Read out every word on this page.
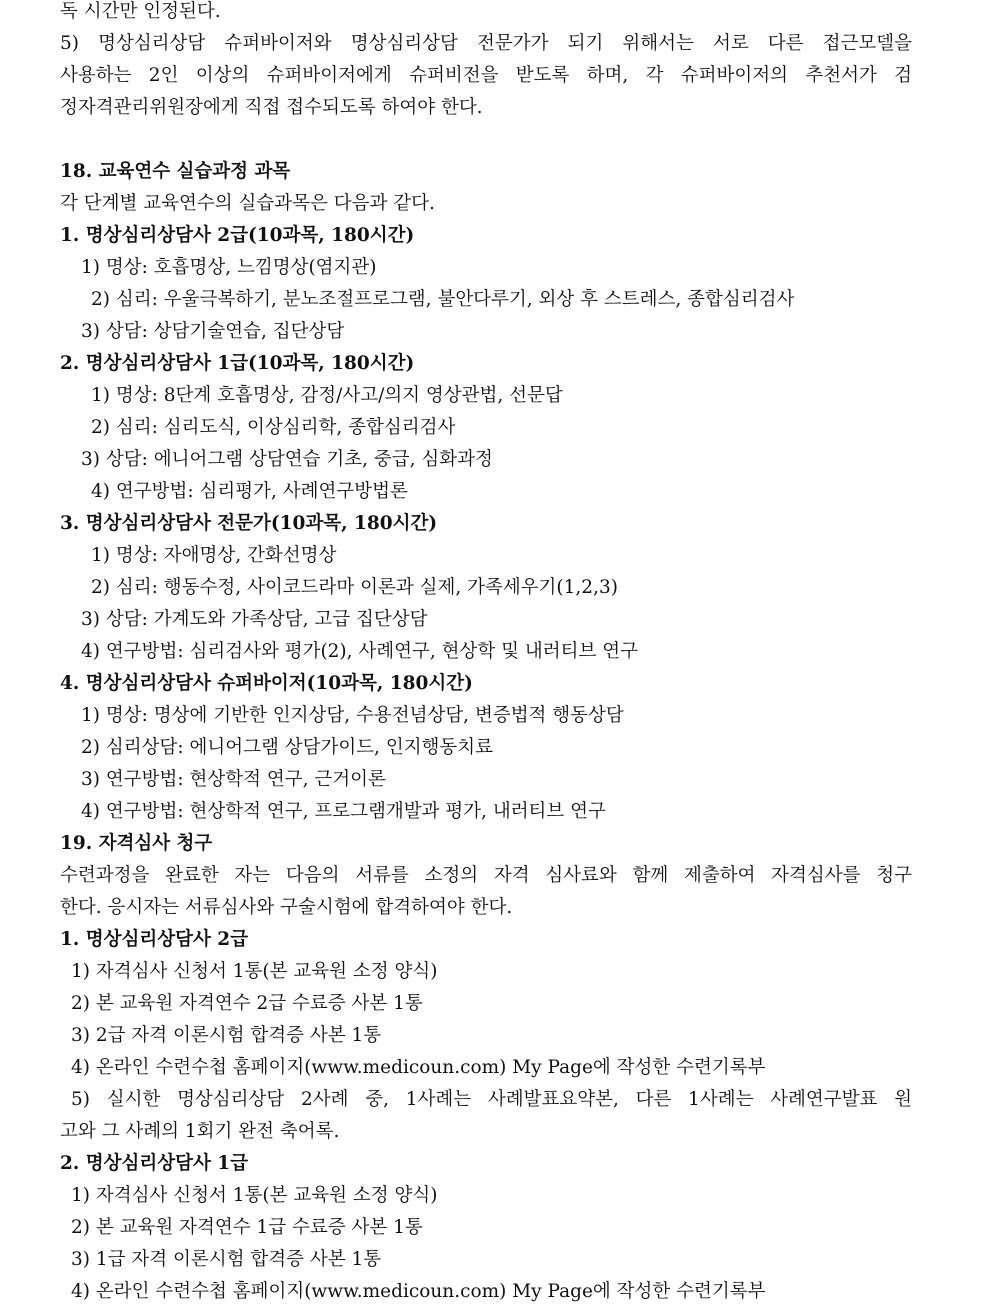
독 시간만 인정된다.
5) 명상심리상담 슈퍼바이저와 명상심리상담 전문가가 되기 위해서는 서로 다른 접근모델을
사용하는 2인 이상의 슈퍼바이저에게 슈퍼비전을 받도록 하며, 각 슈퍼바이저의 추천서가 검
정자격관리위원장에게 직접 접수되도록 하여야 한다.
18. 교육연수 실습과정 과목
각 단계별 교육연수의 실습과목은 다음과 같다.
1. 명상심리상담사 2급(10과목, 180시간)
1) 명상: 호흡명상, 느낌명상(염지관)
2) 심리: 우울극복하기, 분노조절프로그램, 불안다루기, 외상 후 스트레스, 종합심리검사
3) 상담: 상담기술연습, 집단상담
2. 명상심리상담사 1급(10과목, 180시간)
1) 명상: 8단계 호흡명상, 감정/사고/의지 영상관법, 선문답
2) 심리: 심리도식, 이상심리학, 종합심리검사
3) 상담: 에니어그램 상담연습 기초, 중급, 심화과정
4) 연구방법: 심리평가, 사례연구방법론
3. 명상심리상담사 전문가(10과목, 180시간)
1) 명상: 자애명상, 간화선명상
2) 심리: 행동수정, 사이코드라마 이론과 실제, 가족세우기(1,2,3)
3) 상담: 가계도와 가족상담, 고급 집단상담
4) 연구방법: 심리검사와 평가(2), 사례연구, 현상학 및 내러티브 연구
4. 명상심리상담사 슈퍼바이저(10과목, 180시간)
1) 명상: 명상에 기반한 인지상담, 수용전념상담, 변증법적 행동상담
2) 심리상담: 에니어그램 상담가이드, 인지행동치료
3) 연구방법: 현상학적 연구, 근거이론
4) 연구방법: 현상학적 연구, 프로그램개발과 평가, 내러티브 연구
19. 자격심사 청구
수련과정을 완료한 자는 다음의 서류를 소정의 자격 심사료와 함께 제출하여 자격심사를 청구
한다. 응시자는 서류심사와 구술시험에 합격하여야 한다.
1. 명상심리상담사 2급
1) 자격심사 신청서 1통(본 교육원 소정 양식)
2) 본 교육원 자격연수 2급 수료증 사본 1통
3) 2급 자격 이론시험 합격증 사본 1통
4) 온라인 수련수첩 홈페이지(www.medicoun.com) My Page에 작성한 수련기록부
5) 실시한 명상심리상담 2사례 중, 1사례는 사례발표요약본, 다른 1사례는 사례연구발표 원
고와 그 사례의 1회기 완전 축어록.
2. 명상심리상담사 1급
1) 자격심사 신청서 1통(본 교육원 소정 양식)
2) 본 교육원 자격연수 1급 수료증 사본 1통
3) 1급 자격 이론시험 합격증 사본 1통
4) 온라인 수련수첩 홈페이지(www.medicoun.com) My Page에 작성한 수련기록부
